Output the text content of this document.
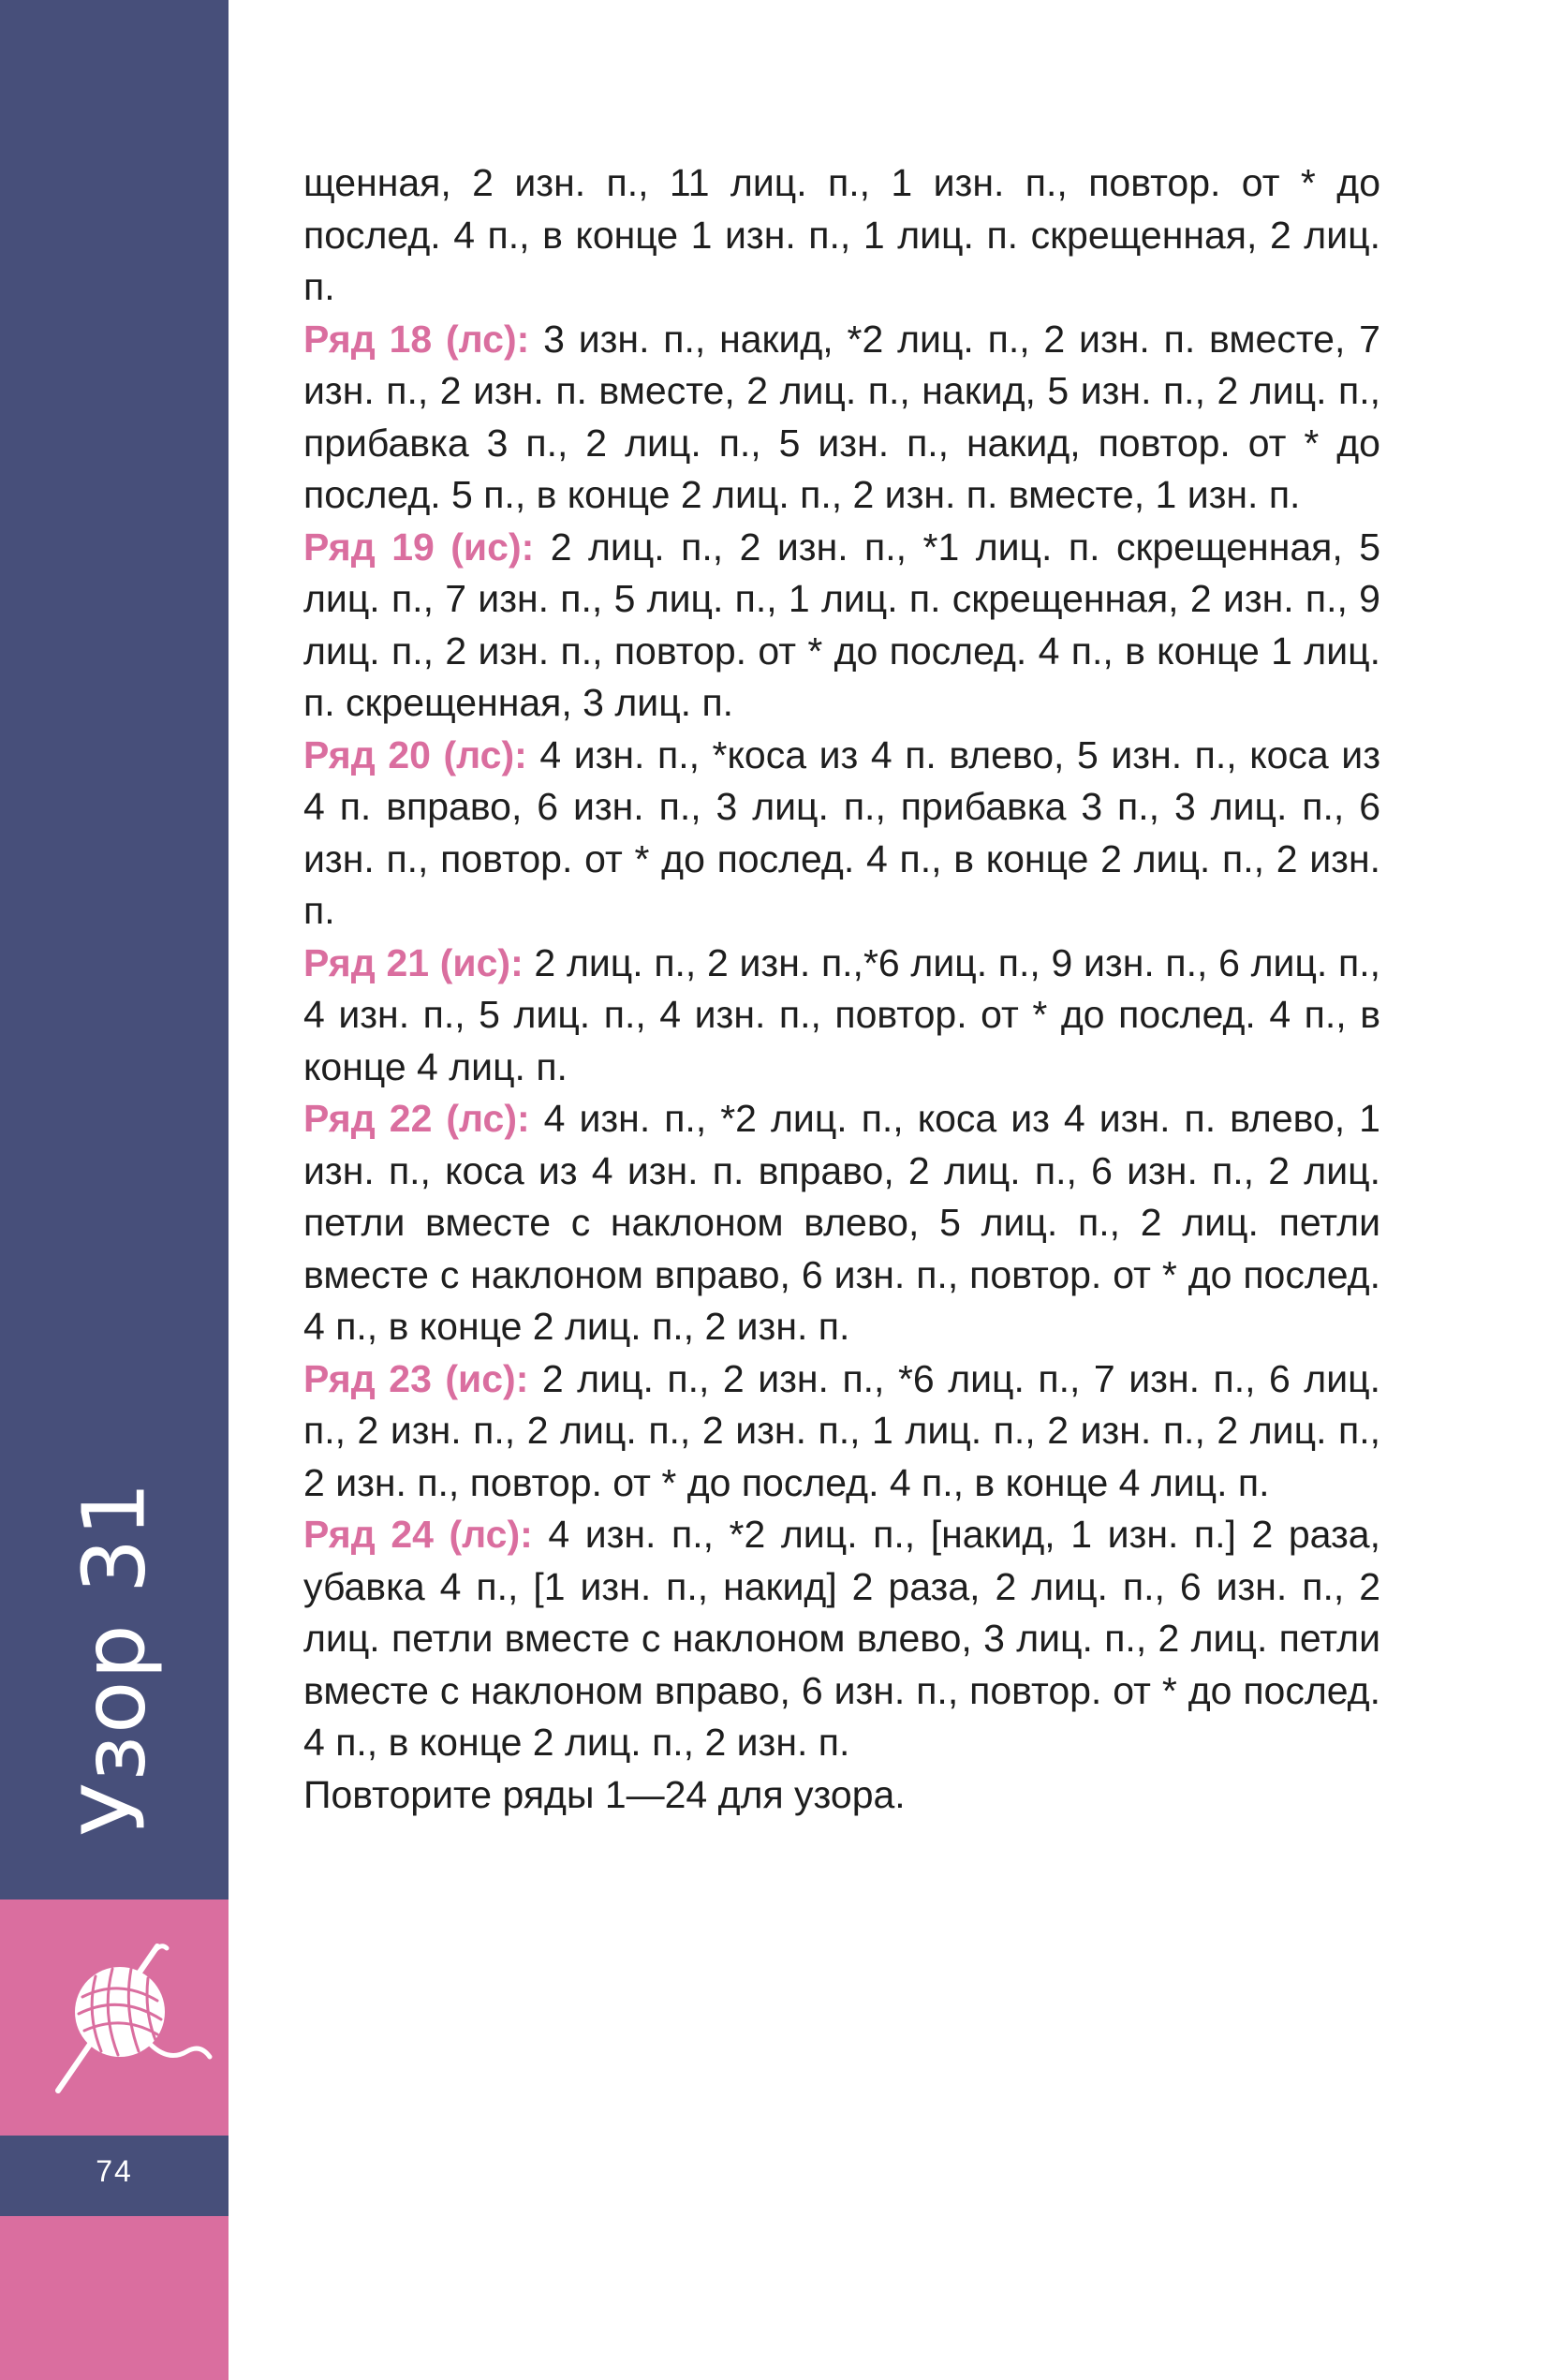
Узор 31
74

щенная, 2 изн. п., 11 лиц. п., 1 изн. п., повтор. от * до послед. 4 п., в конце 1 изн. п., 1 лиц. п. скрещенная, 2 лиц. п.

Ряд 18 (лс): 3 изн. п., накид, *2 лиц. п., 2 изн. п. вместе, 7 изн. п., 2 изн. п. вместе, 2 лиц. п., накид, 5 изн. п., 2 лиц. п., прибавка 3 п., 2 лиц. п., 5 изн. п., накид, повтор. от * до послед. 5 п., в конце 2 лиц. п., 2 изн. п. вместе, 1 изн. п.

Ряд 19 (ис): 2 лиц. п., 2 изн. п., *1 лиц. п. скрещенная, 5 лиц. п., 7 изн. п., 5 лиц. п., 1 лиц. п. скрещенная, 2 изн. п., 9 лиц. п., 2 изн. п., повтор. от * до послед. 4 п., в конце 1 лиц. п. скрещенная, 3 лиц. п.

Ряд 20 (лс): 4 изн. п., *коса из 4 п. влево, 5 изн. п., коса из 4 п. вправо, 6 изн. п., 3 лиц. п., прибавка 3 п., 3 лиц. п., 6 изн. п., повтор. от * до послед. 4 п., в конце 2 лиц. п., 2 изн. п.

Ряд 21 (ис): 2 лиц. п., 2 изн. п.,*6 лиц. п., 9 изн. п., 6 лиц. п., 4 изн. п., 5 лиц. п., 4 изн. п., повтор. от * до послед. 4 п., в конце 4 лиц. п.

Ряд 22 (лс): 4 изн. п., *2 лиц. п., коса из 4 изн. п. влево, 1 изн. п., коса из 4 изн. п. вправо, 2 лиц. п., 6 изн. п., 2 лиц. петли вместе с наклоном влево, 5 лиц. п., 2 лиц. петли вместе с наклоном вправо, 6 изн. п., повтор. от * до послед. 4 п., в конце 2 лиц. п., 2 изн. п.

Ряд 23 (ис): 2 лиц. п., 2 изн. п., *6 лиц. п., 7 изн. п., 6 лиц. п., 2 изн. п., 2 лиц. п., 2 изн. п., 1 лиц. п., 2 изн. п., 2 лиц. п., 2 изн. п., повтор. от * до послед. 4 п., в конце 4 лиц. п.

Ряд 24 (лс): 4 изн. п., *2 лиц. п., [накид, 1 изн. п.] 2 раза, убавка 4 п., [1 изн. п., накид] 2 раза, 2 лиц. п., 6 изн. п., 2 лиц. петли вместе с наклоном влево, 3 лиц. п., 2 лиц. петли вместе с наклоном вправо, 6 изн. п., повтор. от * до послед. 4 п., в конце 2 лиц. п., 2 изн. п.

Повторите ряды 1—24 для узора.
